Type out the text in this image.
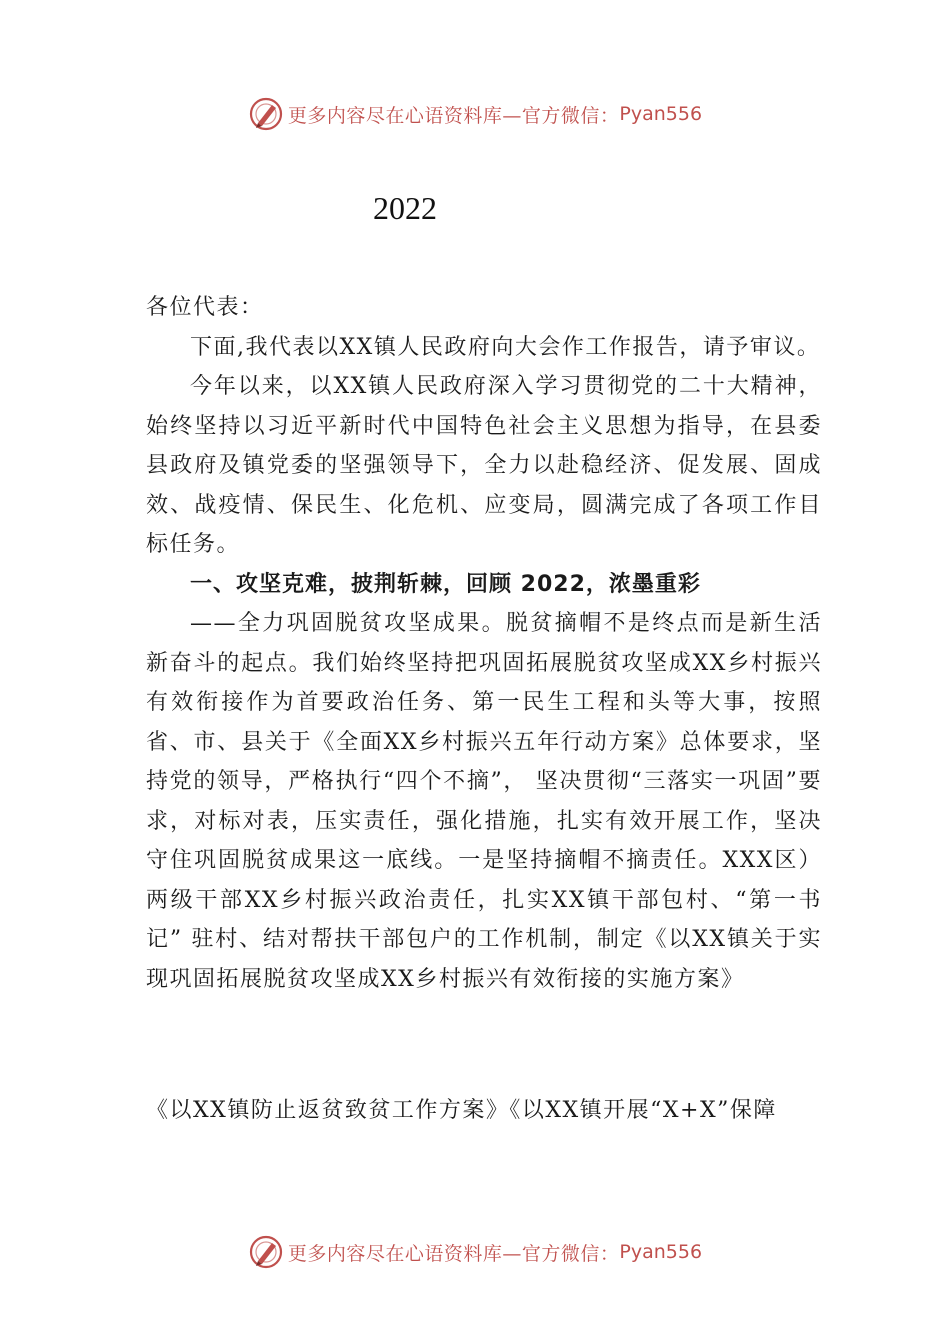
更多内容尽在心语资料库—官方微信： Pyan556
2022

各位代表：

下面,我代表以XX镇人民政府向大会作工作报告，请予审议。

今年以来，以XX镇人民政府深入学习贯彻党的二十大精神，始终坚持以习近平新时代中国特色社会主义思想为指导，在县委县政府及镇党委的坚强领导下，全力以赴稳经济、促发展、固成效、战疫情、保民生、化危机、应变局，圆满完成了各项工作目标任务。

一、攻坚克难，披荆斩棘，回顾 2022，浓墨重彩

——全力巩固脱贫攻坚成果。脱贫摘帽不是终点而是新生活新奋斗的起点。我们始终坚持把巩固拓展脱贫攻坚成XX乡村振兴有效衔接作为首要政治任务、第一民生工程和头等大事，按照省、市、县关于《全面XX乡村振兴五年行动方案》总体要求，坚持党的领导，严格执行“四个不摘”， 坚决贯彻“三落实一巩固”要求，对标对表，压实责任，强化措施，扎实有效开展工作，坚决守住巩固脱贫成果这一底线。一是坚持摘帽不摘责任。XXX区）两级干部XX乡村振兴政治责任，扎实XX镇干部包村、“第一书记” 驻村、结对帮扶干部包户的工作机制，制定《以XX镇关于实现巩固拓展脱贫攻坚成XX乡村振兴有效衔接的实施方案》

《以XX镇防止返贫致贫工作方案》《以XX镇开展“X+X”保障

更多内容尽在心语资料库—官方微信： Pyan556
